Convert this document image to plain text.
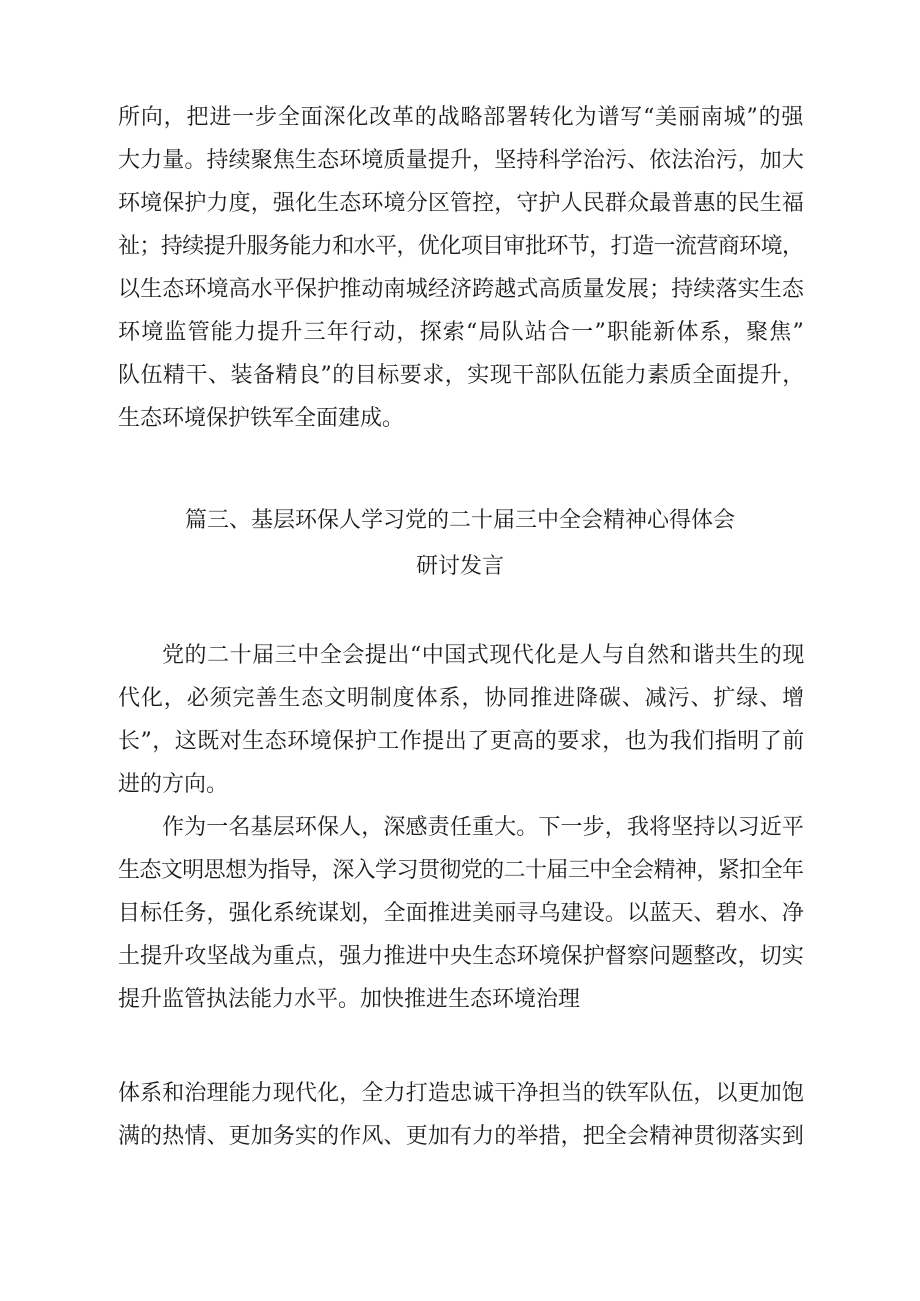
所向，把进一步全面深化改革的战略部署转化为谱写“美丽南城”的强
大力量。持续聚焦生态环境质量提升，坚持科学治污、依法治污，加大
环境保护力度，强化生态环境分区管控，守护人民群众最普惠的民生福
祉；持续提升服务能力和水平，优化项目审批环节，打造一流营商环境，
以生态环境高水平保护推动南城经济跨越式高质量发展；持续落实生态
环境监管能力提升三年行动，探索“局队站合一”职能新体系，聚焦”
队伍精干、装备精良”的目标要求，实现干部队伍能力素质全面提升，
生态环境保护铁军全面建成。
篇三、基层环保人学习党的二十届三中全会精神心得体会
研讨发言
党的二十届三中全会提出“中国式现代化是人与自然和谐共生的现
代化，必须完善生态文明制度体系，协同推进降碳、减污、扩绿、增
长”，这既对生态环境保护工作提出了更高的要求，也为我们指明了前
进的方向。
作为一名基层环保人，深感责任重大。下一步，我将坚持以习近平
生态文明思想为指导，深入学习贯彻党的二十届三中全会精神，紧扣全年
目标任务，强化系统谋划，全面推进美丽寻乌建设。以蓝天、碧水、净
土提升攻坚战为重点，强力推进中央生态环境保护督察问题整改，切实
提升监管执法能力水平。加快推进生态环境治理
体系和治理能力现代化，全力打造忠诚干净担当的铁军队伍，以更加饱
满的热情、更加务实的作风、更加有力的举措，把全会精神贯彻落实到
